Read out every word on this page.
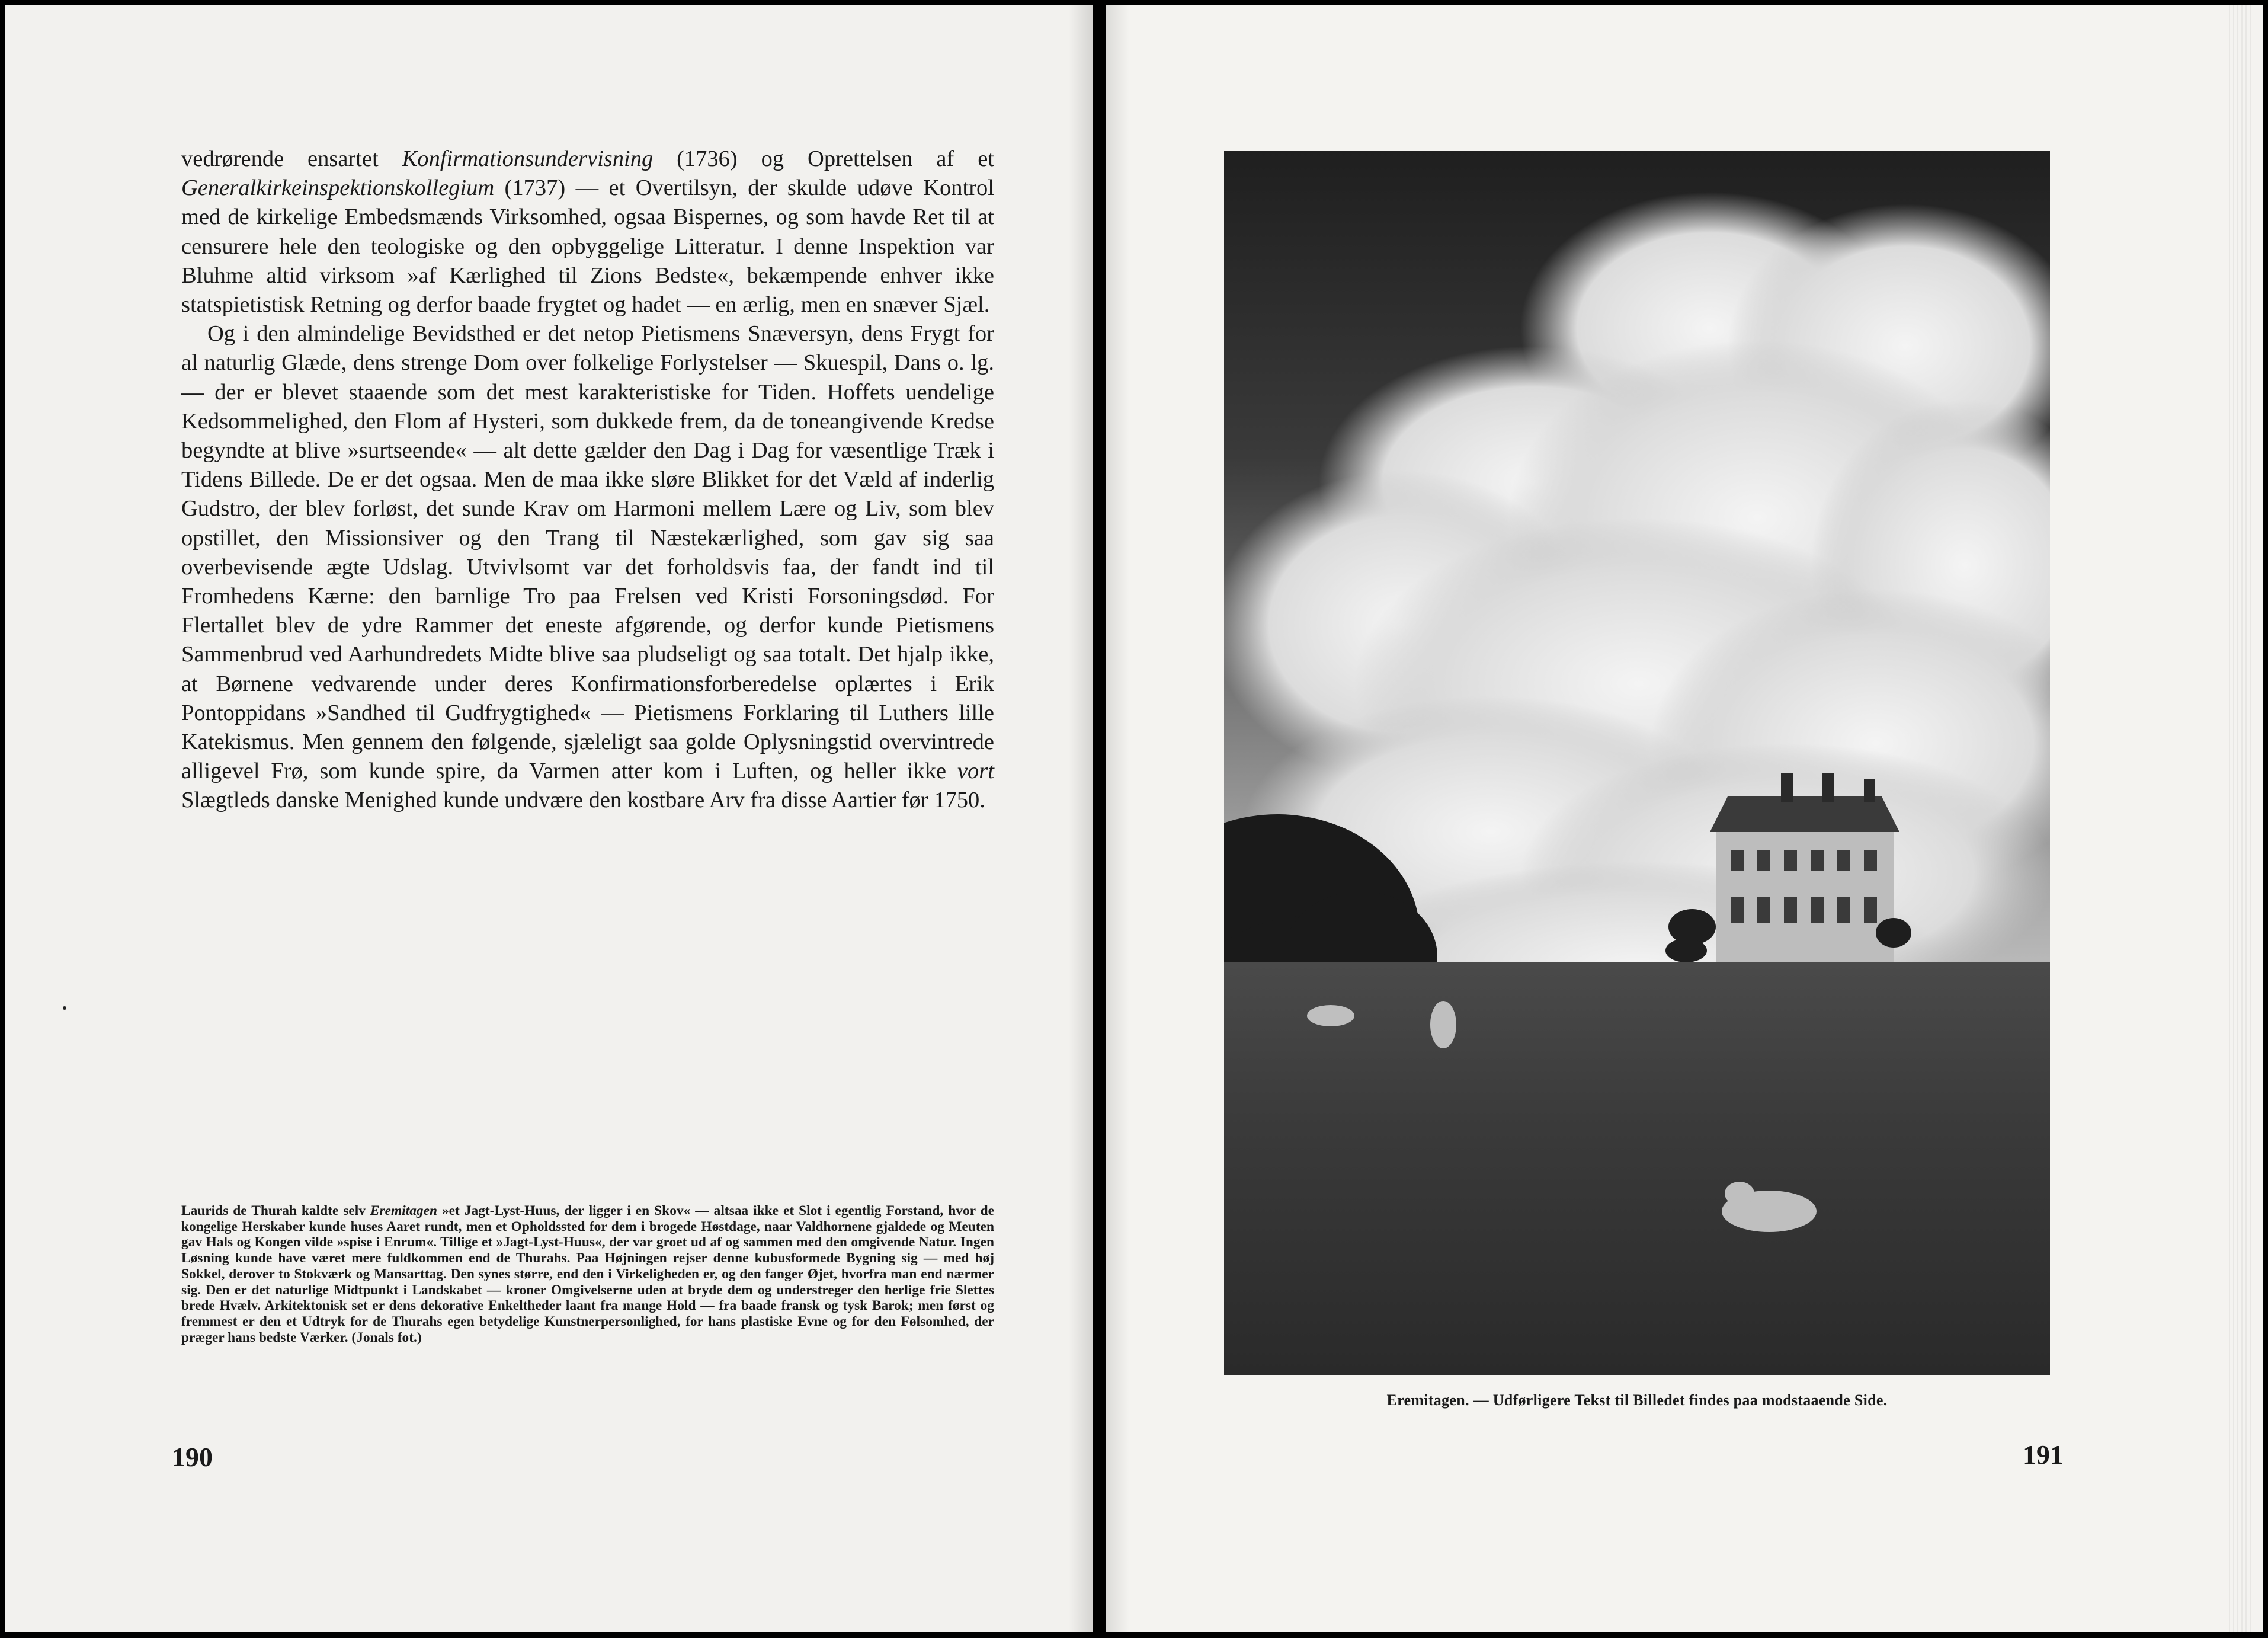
vedrørende ensartet Konfirmationsundervisning (1736) og Oprettelsen af et Generalkirkeinspektionskollegium (1737) — et Overtilsyn, der skulde udøve Kontrol med de kirkelige Embedsmænds Virksomhed, ogsaa Bispernes, og som havde Ret til at censurere hele den teologiske og den opbyggelige Litteratur. I denne Inspektion var Bluhme altid virksom »af Kærlighed til Zions Bedste«, bekæmpende enhver ikke statspietistisk Retning og derfor baade frygtet og hadet — en ærlig, men en snæver Sjæl.

Og i den almindelige Bevidsthed er det netop Pietismens Snæversyn, dens Frygt for al naturlig Glæde, dens strenge Dom over folkelige Forlystelser — Skuespil, Dans o. lg. — der er blevet staaende som det mest karakteristiske for Tiden. Hoffets uendelige Kedsommelighed, den Flom af Hysteri, som dukkede frem, da de toneangivende Kredse begyndte at blive »surtseende« — alt dette gælder den Dag i Dag for væsentlige Træk i Tidens Billede. De er det ogsaa. Men de maa ikke sløre Blikket for det Væld af inderlig Gudstro, der blev forløst, det sunde Krav om Harmoni mellem Lære og Liv, som blev opstillet, den Missionsiver og den Trang til Næstekærlighed, som gav sig saa overbevisende ægte Udslag. Utvivlsomt var det forholdsvis faa, der fandt ind til Fromhedens Kærne: den barnlige Tro paa Frelsen ved Kristi Forsoningsdød. For Flertallet blev de ydre Rammer det eneste afgørende, og derfor kunde Pietismens Sammenbrud ved Aarhundredets Midte blive saa pludseligt og saa totalt. Det hjalp ikke, at Børnene vedvarende under deres Konfirmationsforberedelse oplærtes i Erik Pontoppidans »Sandhed til Gudfrygtighed« — Pietismens Forklaring til Luthers lille Katekismus. Men gennem den følgende, sjæleligt saa golde Oplysningstid overvintrede alligevel Frø, som kunde spire, da Varmen atter kom i Luften, og heller ikke vort Slægtleds danske Menighed kunde undvære den kostbare Arv fra disse Aartier før 1750.

Laurids de Thurah kaldte selv Eremitagen »et Jagt-Lyst-Huus, der ligger i en Skov« — altsaa ikke et Slot i egentlig Forstand, hvor de kongelige Herskaber kunde huses Aaret rundt, men et Opholdssted for dem i brogede Høstdage, naar Valdhornene gjaldede og Meuten gav Hals og Kongen vilde »spise i Enrum«. Tillige et »Jagt-Lyst-Huus«, der var groet ud af og sammen med den omgivende Natur. Ingen Løsning kunde have været mere fuldkommen end de Thurahs. Paa Højningen rejser denne kubusformede Bygning sig — med høj Sokkel, derover to Stokværk og Mansarttag. Den synes større, end den i Virkeligheden er, og den fanger Øjet, hvorfra man end nærmer sig. Den er det naturlige Midtpunkt i Landskabet — kroner Omgivelserne uden at bryde dem og understreger den herlige frie Slettes brede Hvælv. Arkitektonisk set er dens dekorative Enkeltheder laant fra mange Hold — fra baade fransk og tysk Barok; men først og fremmest er den et Udtryk for de Thurahs egen betydelige Kunstnerpersonlighed, for hans plastiske Evne og for den Følsomhed, der præger hans bedste Værker. (Jonals fot.)
190
Eremitagen. — Udførligere Tekst til Billedet findes paa modstaaende Side.
191
